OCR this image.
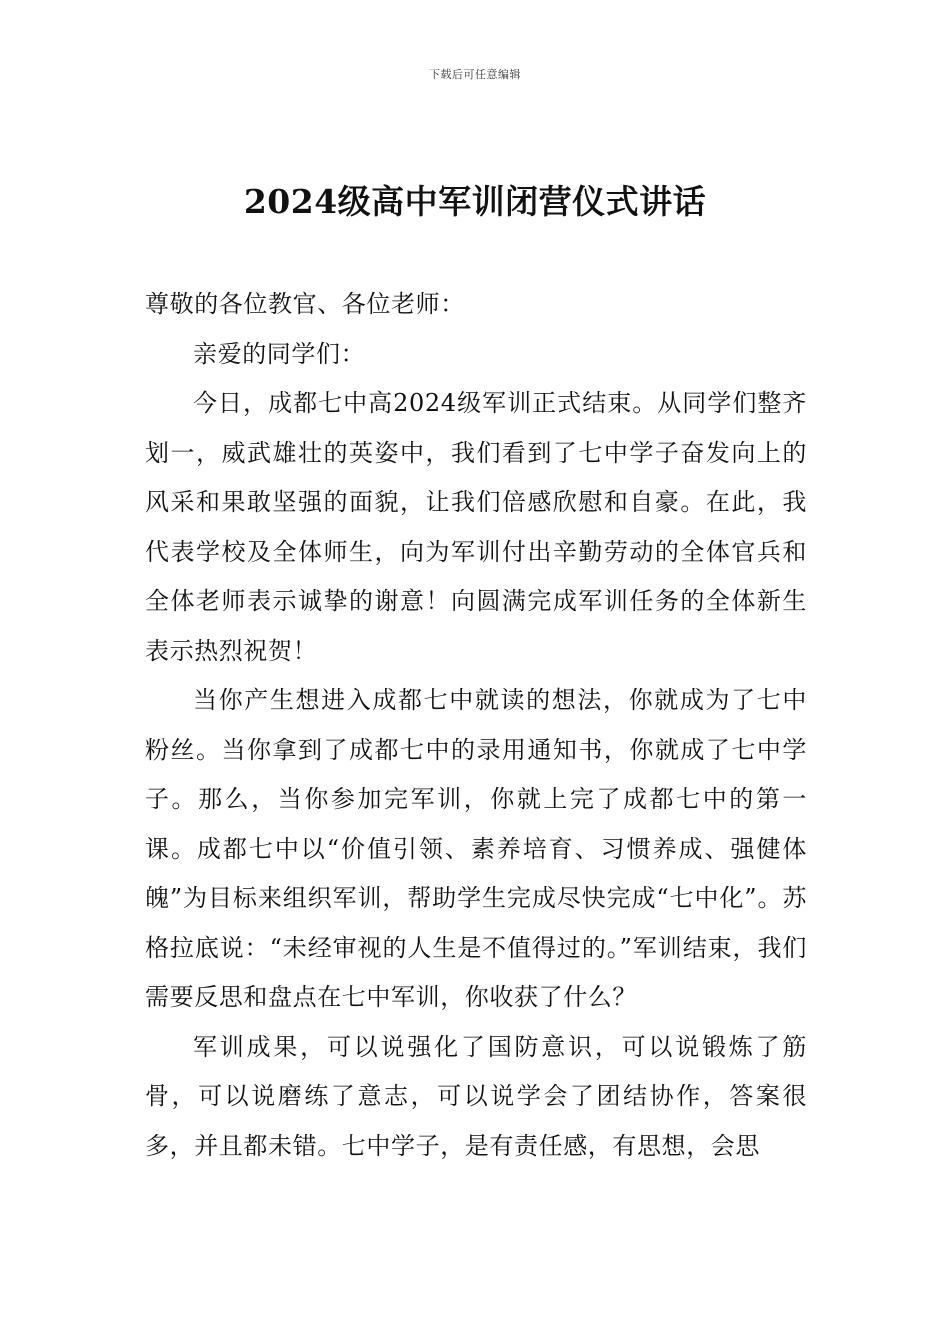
下载后可任意编辑
2024级高中军训闭营仪式讲话

尊敬的各位教官、各位老师：

亲爱的同学们：

今日，成都七中高2024级军训正式结束。从同学们整齐划一，威武雄壮的英姿中，我们看到了七中学子奋发向上的风采和果敢坚强的面貌，让我们倍感欣慰和自豪。在此，我代表学校及全体师生，向为军训付出辛勤劳动的全体官兵和全体老师表示诚挚的谢意！向圆满完成军训任务的全体新生表示热烈祝贺！

当你产生想进入成都七中就读的想法，你就成为了七中粉丝。当你拿到了成都七中的录用通知书，你就成了七中学子。那么，当你参加完军训，你就上完了成都七中的第一课。成都七中以“价值引领、素养培育、习惯养成、强健体魄”为目标来组织军训，帮助学生完成尽快完成“七中化”。苏格拉底说：“未经审视的人生是不值得过的。”军训结束，我们需要反思和盘点在七中军训，你收获了什么？

军训成果，可以说强化了国防意识，可以说锻炼了筋骨，可以说磨练了意志，可以说学会了团结协作，答案很多，并且都未错。七中学子，是有责任感，有思想，会思
